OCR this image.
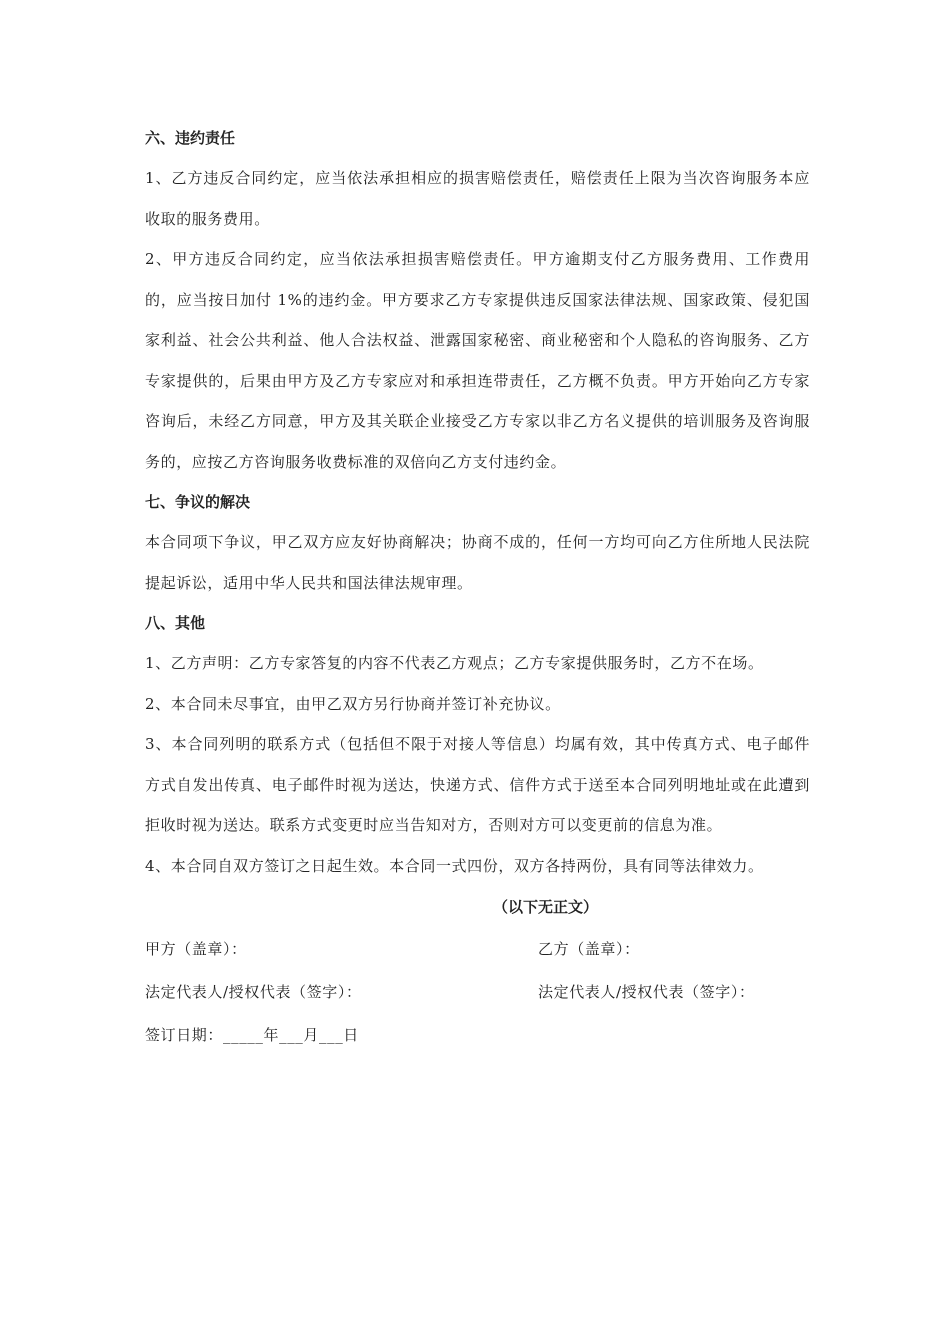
六、违约责任

1、乙方违反合同约定，应当依法承担相应的损害赔偿责任，赔偿责任上限为当次咨询服务本应收取的服务费用。

2、甲方违反合同约定，应当依法承担损害赔偿责任。甲方逾期支付乙方服务费用、工作费用的，应当按日加付 1%的违约金。甲方要求乙方专家提供违反国家法律法规、国家政策、侵犯国家利益、社会公共利益、他人合法权益、泄露国家秘密、商业秘密和个人隐私的咨询服务、乙方专家提供的，后果由甲方及乙方专家应对和承担连带责任，乙方概不负责。甲方开始向乙方专家咨询后，未经乙方同意，甲方及其关联企业接受乙方专家以非乙方名义提供的培训服务及咨询服务的，应按乙方咨询服务收费标准的双倍向乙方支付违约金。

七、争议的解决

本合同项下争议，甲乙双方应友好协商解决；协商不成的，任何一方均可向乙方住所地人民法院提起诉讼，适用中华人民共和国法律法规审理。

八、其他

1、乙方声明：乙方专家答复的内容不代表乙方观点；乙方专家提供服务时，乙方不在场。

2、本合同未尽事宜，由甲乙双方另行协商并签订补充协议。

3、本合同列明的联系方式（包括但不限于对接人等信息）均属有效，其中传真方式、电子邮件方式自发出传真、电子邮件时视为送达，快递方式、信件方式于送至本合同列明地址或在此遭到拒收时视为送达。联系方式变更时应当告知对方，否则对方可以变更前的信息为准。

4、本合同自双方签订之日起生效。本合同一式四份，双方各持两份，具有同等法律效力。

（以下无正文）

甲方（盖章）：	乙方（盖章）：
法定代表人/授权代表（签字）：	法定代表人/授权代表（签字）：
签订日期：_____年___月___日
